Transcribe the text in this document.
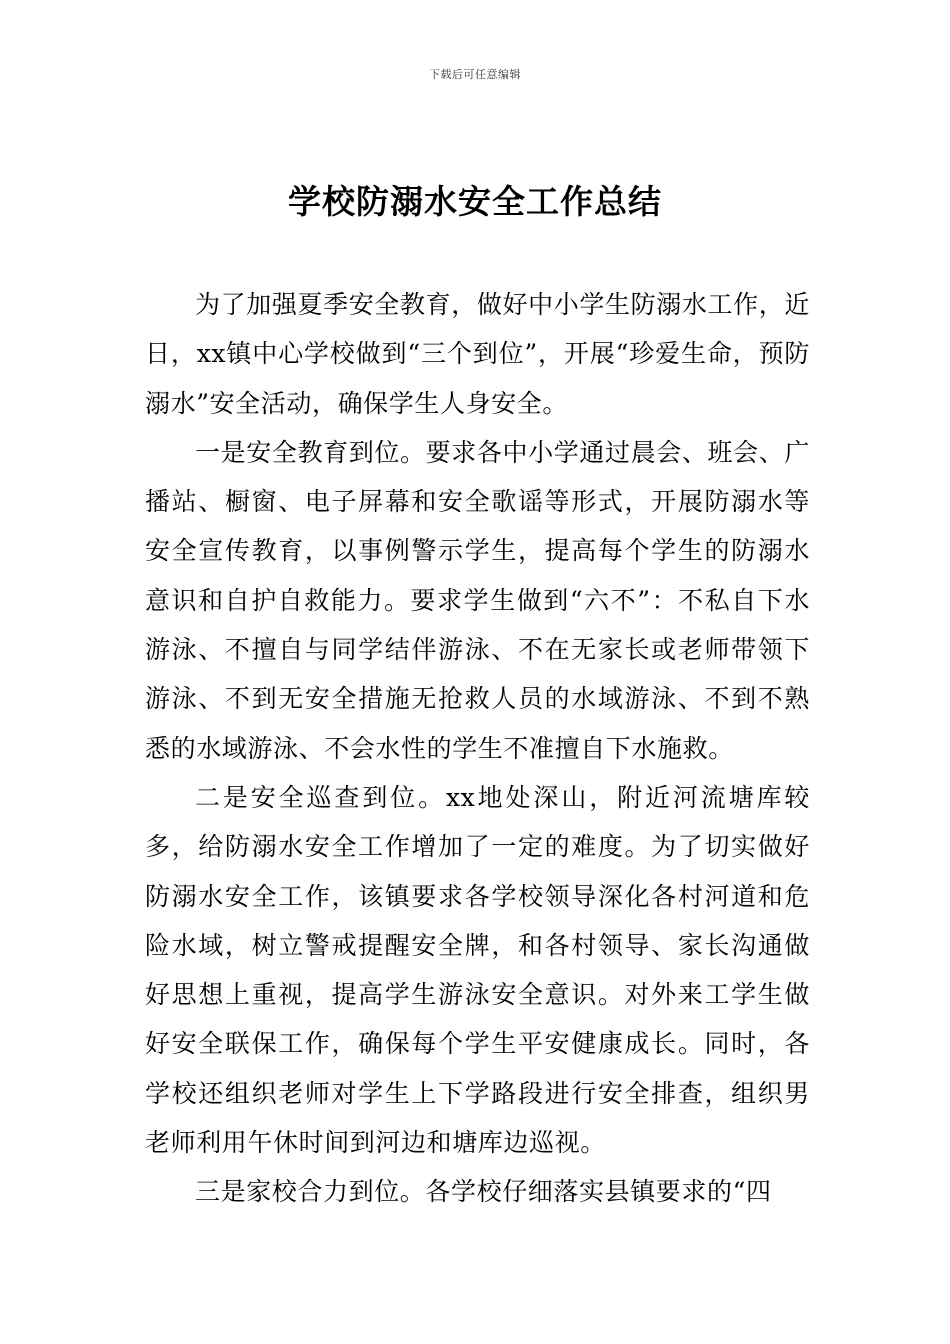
下载后可任意编辑
学校防溺水安全工作总结

为了加强夏季安全教育，做好中小学生防溺水工作，近日，xx镇中心学校做到“三个到位”，开展“珍爱生命，预防溺水”安全活动，确保学生人身安全。

一是安全教育到位。要求各中小学通过晨会、班会、广播站、橱窗、电子屏幕和安全歌谣等形式，开展防溺水等安全宣传教育，以事例警示学生，提高每个学生的防溺水意识和自护自救能力。要求学生做到“六不”：不私自下水游泳、不擅自与同学结伴游泳、不在无家长或老师带领下游泳、不到无安全措施无抢救人员的水域游泳、不到不熟悉的水域游泳、不会水性的学生不准擅自下水施救。

二是安全巡查到位。xx地处深山，附近河流塘库较多，给防溺水安全工作增加了一定的难度。为了切实做好防溺水安全工作，该镇要求各学校领导深化各村河道和危险水域，树立警戒提醒安全牌，和各村领导、家长沟通做好思想上重视，提高学生游泳安全意识。对外来工学生做好安全联保工作，确保每个学生平安健康成长。同时，各学校还组织老师对学生上下学路段进行安全排查，组织男老师利用午休时间到河边和塘库边巡视。

三是家校合力到位。各学校仔细落实县镇要求的“四
